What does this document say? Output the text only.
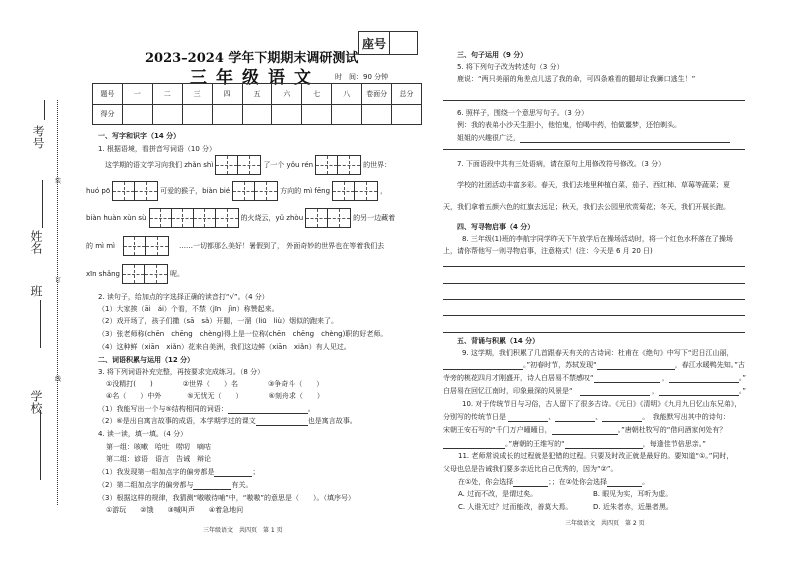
考号
姓名
班
学校
装
订
线
座号
2023–2024 学年下期期末调研测试
三年级语文 时　间：90 分钟
题号	一	二	三	四	五	六	七	八	卷面分	总分
得分										
一、写字和识字（14 分）
1. 根据语境，看拼音写词语（10 分）
这学期的语文学习向我们 zhǎn shì	了一个 yǒu rén	的世界：
huó pō	可爱的猴子，biàn bié	方向的 mì fēng	，
biàn huàn xùn sù	的火烧云，yǔ zhòu	的另一边藏着
的 mì mì	……一切都那么美好！暑假到了， 外面奇妙的世界也在等着我们去
xīn shǎng	呢。
2. 读句子，给加点的字选择正确的读音打“√”。（4 分）
（1）大家挨（āi　ái）个看，不禁（jīn　jìn）称赞起来。
（2）戏开场了，孩子们撒（sā　sǎ）开腿，一溜（liū　liù）烟似的跑来了。
（3）张老师称(chēn　chēng　chèng)得上是一位称(chēn　chēng　chèng)职的好老师。
（4）这种鲜（xiān　xiǎn）花来自美洲，我们这边鲜（xiān　xiǎn）有人见过。
二、词语积累与运用（12 分）
3. 将下列词语补充完整，再按要求完成练习。（8 分）
①没精打(　　)	②世界（　　）名	③争奇斗（　　）
④名（　　）中外	⑤无忧无（　　）	⑥刻舟求（　　）
（1）我能写出一个与⑤结构相同的词语：	。
（2）⑥是出自寓言故事的成语，本学期学过的课文	也是寓言故事。
4. 读一读，填一填。（4 分）
第一组：咳嗽　哈吐　唠叨　嘀咕
第二组：谚语　语言　告诫　辩论
（1）我发现第一组加点字的偏旁都是	；
（2）第二组加点字的偏旁都与	有关。
（3）根据这样的规律，我猜测“嗷嗷待哺”中，“嗷嗷”的意思是（　　）。（填序号）
①游玩　　②饿　　③喊叫声　　④着急地问
三年级语文　共四页　第 1 页
三、句子运用（9 分）
5. 将下列句子改为转述句（3 分）
鹿说：“两只美丽的角差点儿送了我的命，可四条难看的腿却让我狮口逃生！”
6. 照样子，围绕一个意思写句子。（3 分）
例：我的表弟小沙天生胆小，他怕鬼，怕喝中药，怕做噩梦，还怕剃头。
姐姐的兴趣很广泛，
7. 下面语段中共有三处语病，请在原句上用修改符号修改。（3 分）
学校的社团活动丰富多彩。春天，我们去地里种植白菜、茄子、西红柿、草莓等蔬菜；夏
天，我们拿着五颜六色的红旗去远足；秋天，我们去公园里欣赏菊花；冬天，我们开展长跑。
四、写寻物启事（4 分）
8. 三年级(1)班的李航宇同学昨天下午放学后在操场活动时，将一个红色水杯落在了操场
上，请你帮他写一则寻物启事，注意格式！(注：今天是 6 月 20 日)
五、背诵与积累（14 分）
9. 这学期，我们积累了几首跟春天有关的古诗词：杜甫在《绝句》中写下“迟日江山丽，
。”初春时节，苏轼发现“	，春江水暖鸭先知。”古
寺旁的桃花四月才刚盛开，诗人白居易不禁感叹“	，	。”
白居易在回忆江南时，印象最深的风景是“　	，	。”
10. 对于传统节日与习俗，古人留下了很多古诗。《元日》《清明》《九月九日忆山东兄弟》，
分别写的传统节日是	、	、	。　我能默写出其中的诗句：
宋朝王安石写的“千门万户曈曈日，	。”唐朝杜牧写的“借问酒家何处有？
。”唐朝的王维写的“	，每逢佳节倍思亲。”
11. 老师常说成长的过程就是犯错的过程。只要及时改正就是最好的。要知道“①。”同时，
父母也总是告诫我们要多亲近比自己优秀的，因为“②”。
在①处，你会选择	；；在②处你会选择	。
A. 过而不改，是谓过矣。	B. 眼见为实，耳听为虚。
C. 人谁无过？过而能改，善莫大焉。	D. 近朱者赤，近墨者黑。
三年级语文　共四页　第 2 页
